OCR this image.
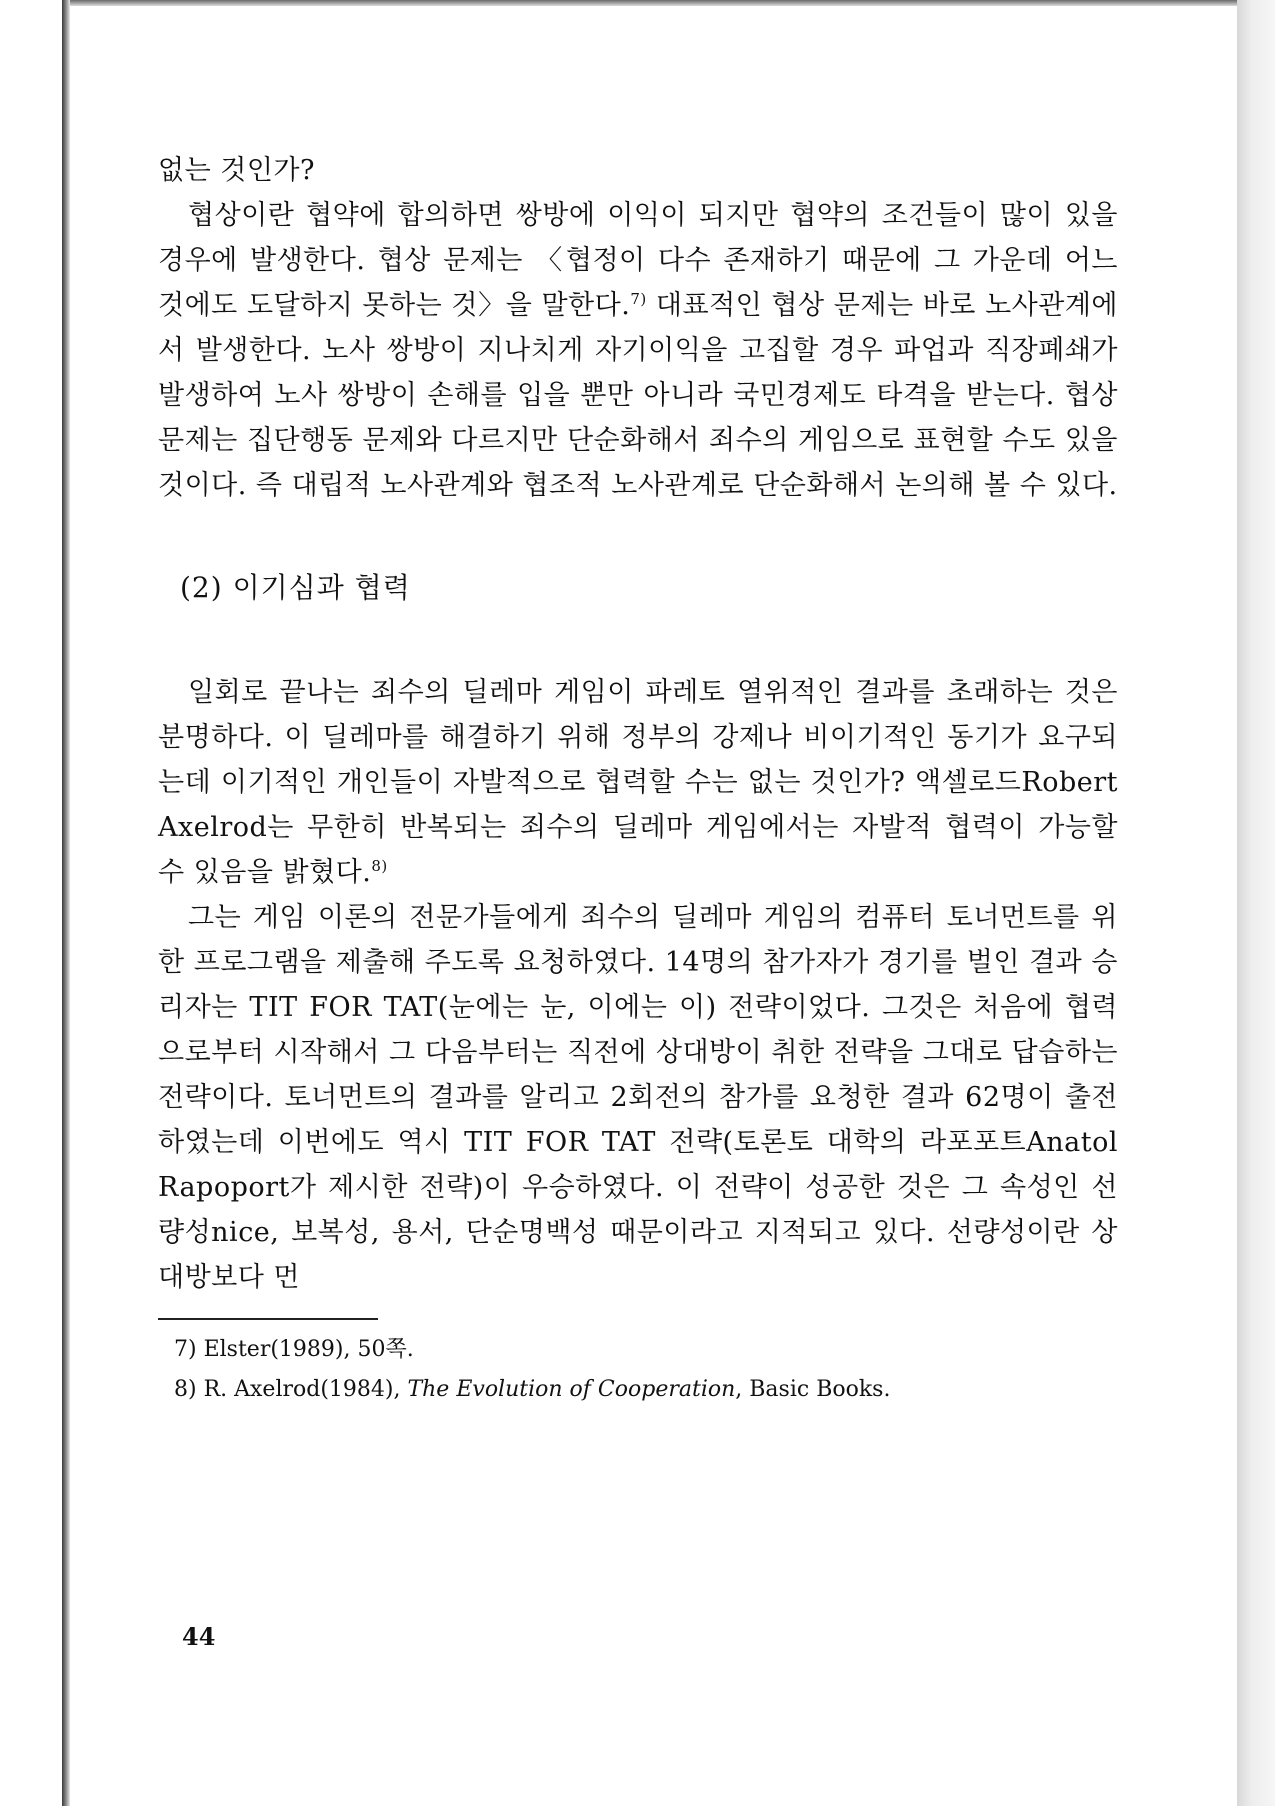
없는 것인가?

협상이란 협약에 합의하면 쌍방에 이익이 되지만 협약의 조건들이 많이 있을 경우에 발생한다. 협상 문제는 〈협정이 다수 존재하기 때문에 그 가운데 어느 것에도 도달하지 못하는 것〉을 말한다.$^{7)}$ 대표적인 협상 문제는 바로 노사관계에서 발생한다. 노사 쌍방이 지나치게 자기이익을 고집할 경우 파업과 직장폐쇄가 발생하여 노사 쌍방이 손해를 입을 뿐만 아니라 국민경제도 타격을 받는다. 협상 문제는 집단행동 문제와 다르지만 단순화해서 죄수의 게임으로 표현할 수도 있을 것이다. 즉 대립적 노사관계와 협조적 노사관계로 단순화해서 논의해 볼 수 있다.

(2) 이기심과 협력

일회로 끝나는 죄수의 딜레마 게임이 파레토 열위적인 결과를 초래하는 것은 분명하다. 이 딜레마를 해결하기 위해 정부의 강제나 비이기적인 동기가 요구되는데 이기적인 개인들이 자발적으로 협력할 수는 없는 것인가? 액셀로드Robert Axelrod는 무한히 반복되는 죄수의 딜레마 게임에서는 자발적 협력이 가능할 수 있음을 밝혔다.$^{8)}$

그는 게임 이론의 전문가들에게 죄수의 딜레마 게임의 컴퓨터 토너먼트를 위한 프로그램을 제출해 주도록 요청하였다. 14명의 참가자가 경기를 벌인 결과 승리자는 TIT FOR TAT(눈에는 눈, 이에는 이) 전략이었다. 그것은 처음에 협력으로부터 시작해서 그 다음부터는 직전에 상대방이 취한 전략을 그대로 답습하는 전략이다. 토너먼트의 결과를 알리고 2회전의 참가를 요청한 결과 62명이 출전하였는데 이번에도 역시 TIT FOR TAT 전략(토론토 대학의 라포포트Anatol Rapoport가 제시한 전략)이 우승하였다. 이 전략이 성공한 것은 그 속성인 선량성nice, 보복성, 용서, 단순명백성 때문이라고 지적되고 있다. 선량성이란 상대방보다 먼

7) Elster(1989), 50쪽.

8) R. Axelrod(1984), The Evolution of Cooperation, Basic Books.

44
